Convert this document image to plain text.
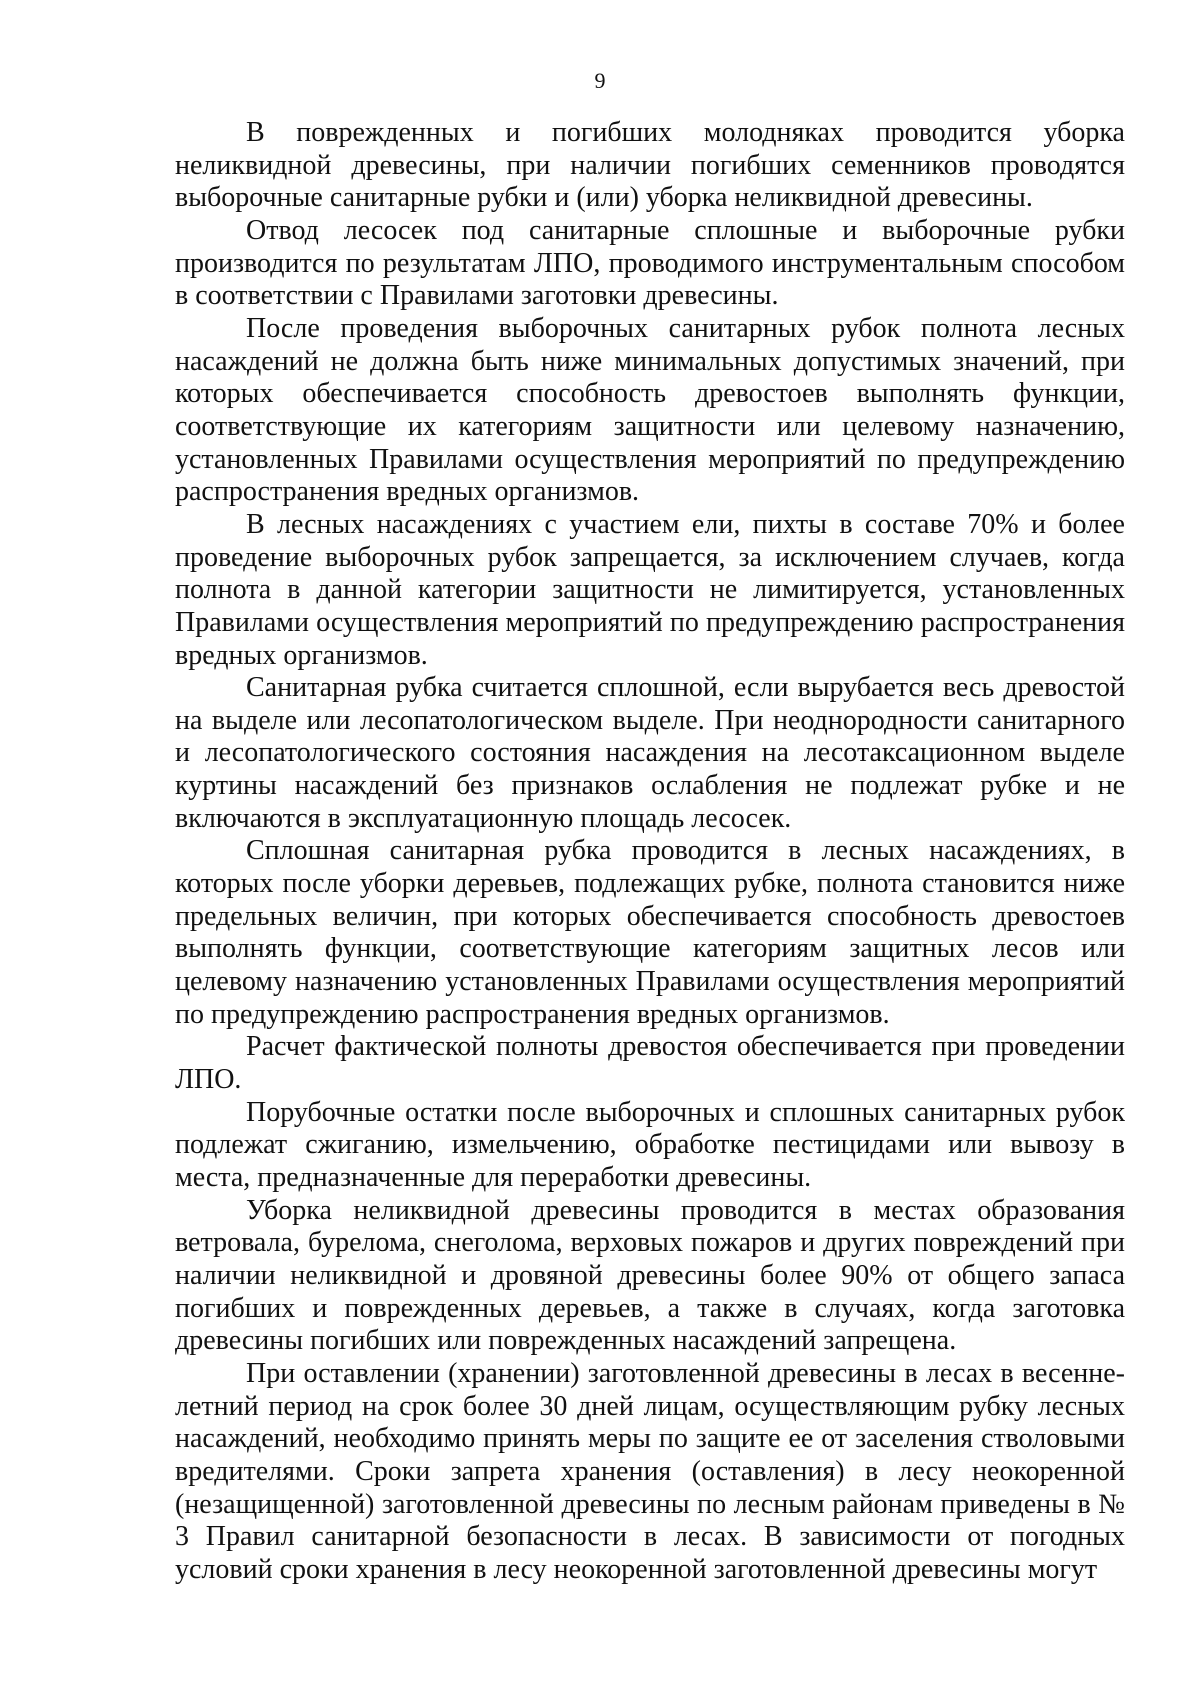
9

В поврежденных и погибших молодняках проводится уборка неликвидной древесины, при наличии погибших семенников проводятся выборочные санитарные рубки и (или) уборка неликвидной древесины.

Отвод лесосек под санитарные сплошные и выборочные рубки производится по результатам ЛПО, проводимого инструментальным способом в соответствии с Правилами заготовки древесины.

После проведения выборочных санитарных рубок полнота лесных насаждений не должна быть ниже минимальных допустимых значений, при которых обеспечивается способность древостоев выполнять функции, соответствующие их категориям защитности или целевому назначению, установленных Правилами осуществления мероприятий по предупреждению распространения вредных организмов.

В лесных насаждениях с участием ели, пихты в составе 70% и более проведение выборочных рубок запрещается, за исключением случаев, когда полнота в данной категории защитности не лимитируется, установленных Правилами осуществления мероприятий по предупреждению распространения вредных организмов.

Санитарная рубка считается сплошной, если вырубается весь древостой на выделе или лесопатологическом выделе. При неоднородности санитарного и лесопатологического состояния насаждения на лесотаксационном выделе куртины насаждений без признаков ослабления не подлежат рубке и не включаются в эксплуатационную площадь лесосек.

Сплошная санитарная рубка проводится в лесных насаждениях, в которых после уборки деревьев, подлежащих рубке, полнота становится ниже предельных величин, при которых обеспечивается способность древостоев выполнять функции, соответствующие категориям защитных лесов или целевому назначению установленных Правилами осуществления мероприятий по предупреждению распространения вредных организмов.

Расчет фактической полноты древостоя обеспечивается при проведении ЛПО.

Порубочные остатки после выборочных и сплошных санитарных рубок подлежат сжиганию, измельчению, обработке пестицидами или вывозу в места, предназначенные для переработки древесины.

Уборка неликвидной древесины проводится в местах образования ветровала, бурелома, снеголома, верховых пожаров и других повреждений при наличии неликвидной и дровяной древесины более 90% от общего запаса погибших и поврежденных деревьев, а также в случаях, когда заготовка древесины погибших или поврежденных насаждений запрещена.

При оставлении (хранении) заготовленной древесины в лесах в весенне-летний период на срок более 30 дней лицам, осуществляющим рубку лесных насаждений, необходимо принять меры по защите ее от заселения стволовыми вредителями. Сроки запрета хранения (оставления) в лесу неокоренной (незащищенной) заготовленной древесины по лесным районам приведены в № 3 Правил санитарной безопасности в лесах. В зависимости от погодных условий сроки хранения в лесу неокоренной заготовленной древесины могут
